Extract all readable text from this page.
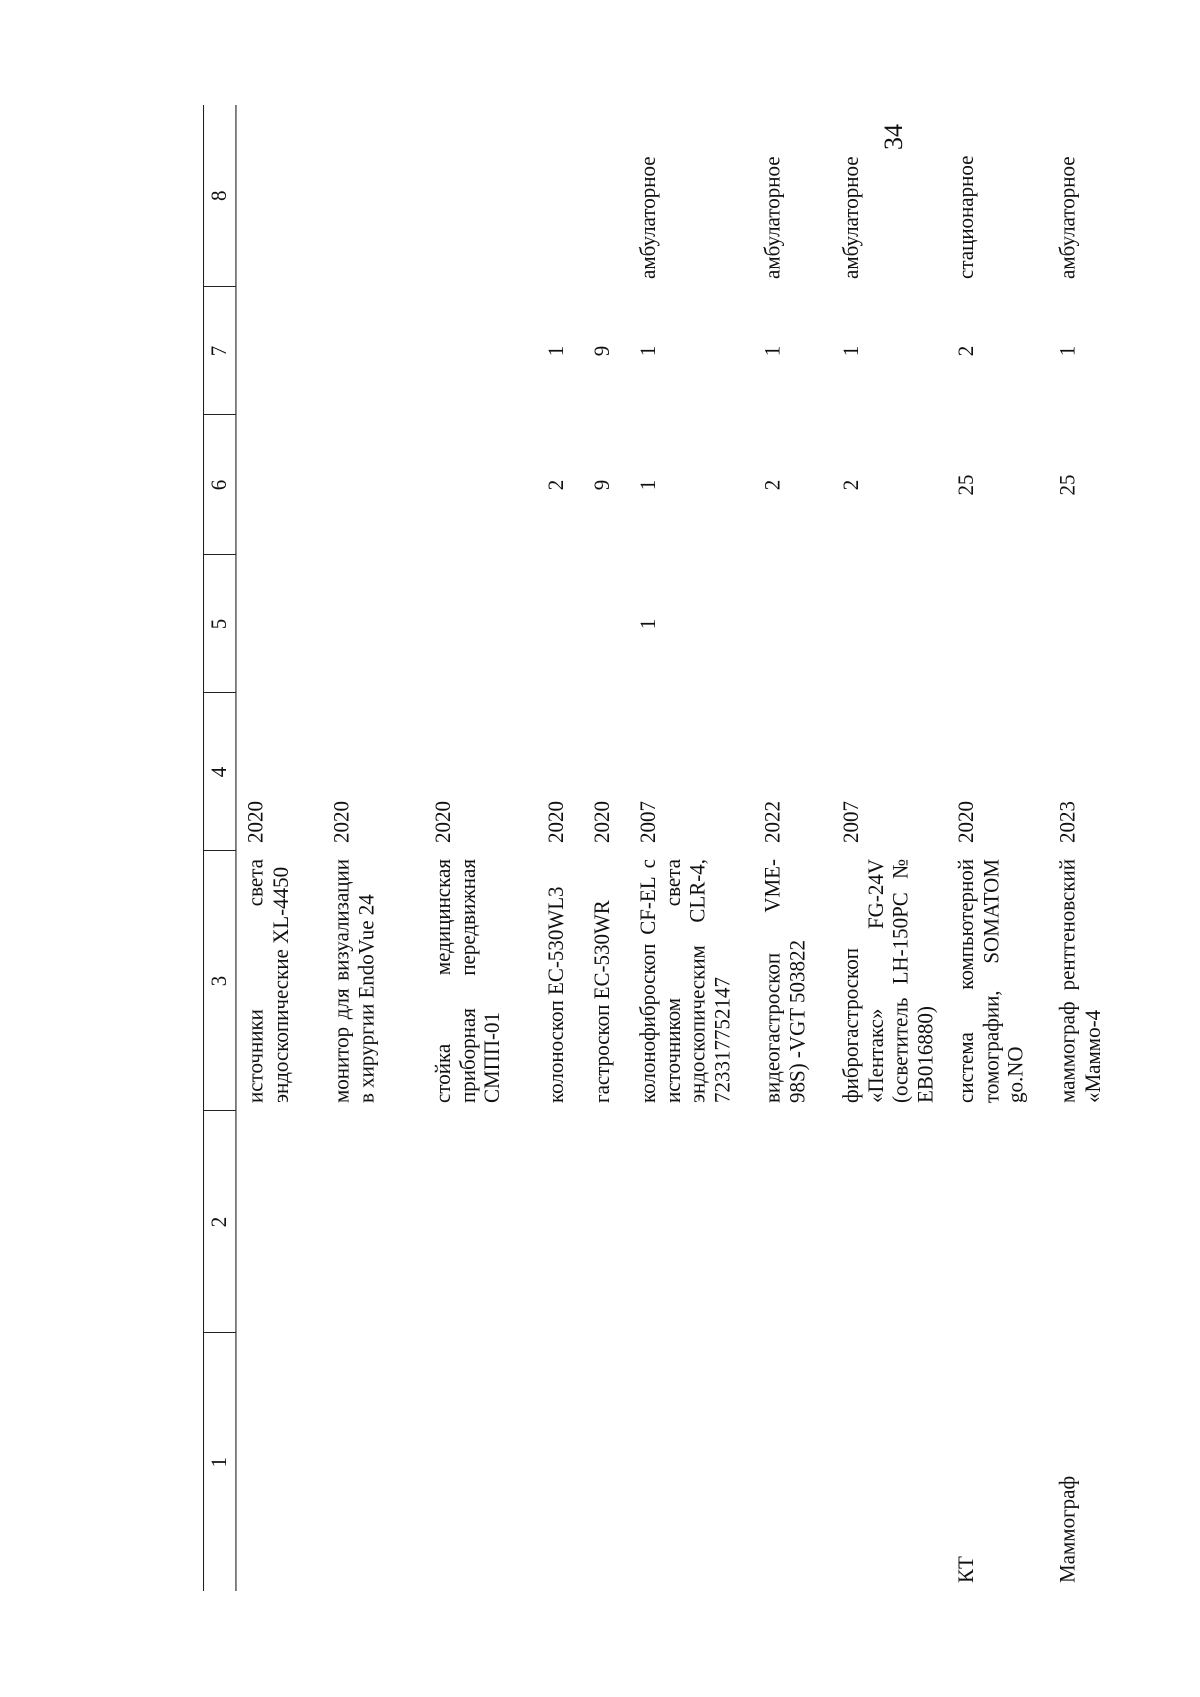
34
1	2	3	4	5	6	7	8
		источники света эндоскопические XL-4450	2020				
		монитор для визуализации в хирургии EndoVue 24	2020				
		стойка медицинская приборная передвижная СМПП-01	2020				
		колоноскоп EC-530WL3	2020		2	1	
		гастроскоп EC-530WR	2020		9	9	
		колонофиброскоп CF-EL с источником света эндоскопическим CLR-4, 723317752147	2007	1	1	1	амбулаторное
		видеогастроскоп VME-98S) -VGT 503822	2022		2	1	амбулаторное
		фиброгастроскоп «Пентакс» FG-24V (осветитель LH-150PC № EB016880)	2007		2	1	амбулаторное
КТ		система компьютерной томографии, SOMATOM go.NO	2020		25	2	стационарное
Маммограф		маммограф рентгеновский «Маммо-4	2023		25	1	амбулаторное
